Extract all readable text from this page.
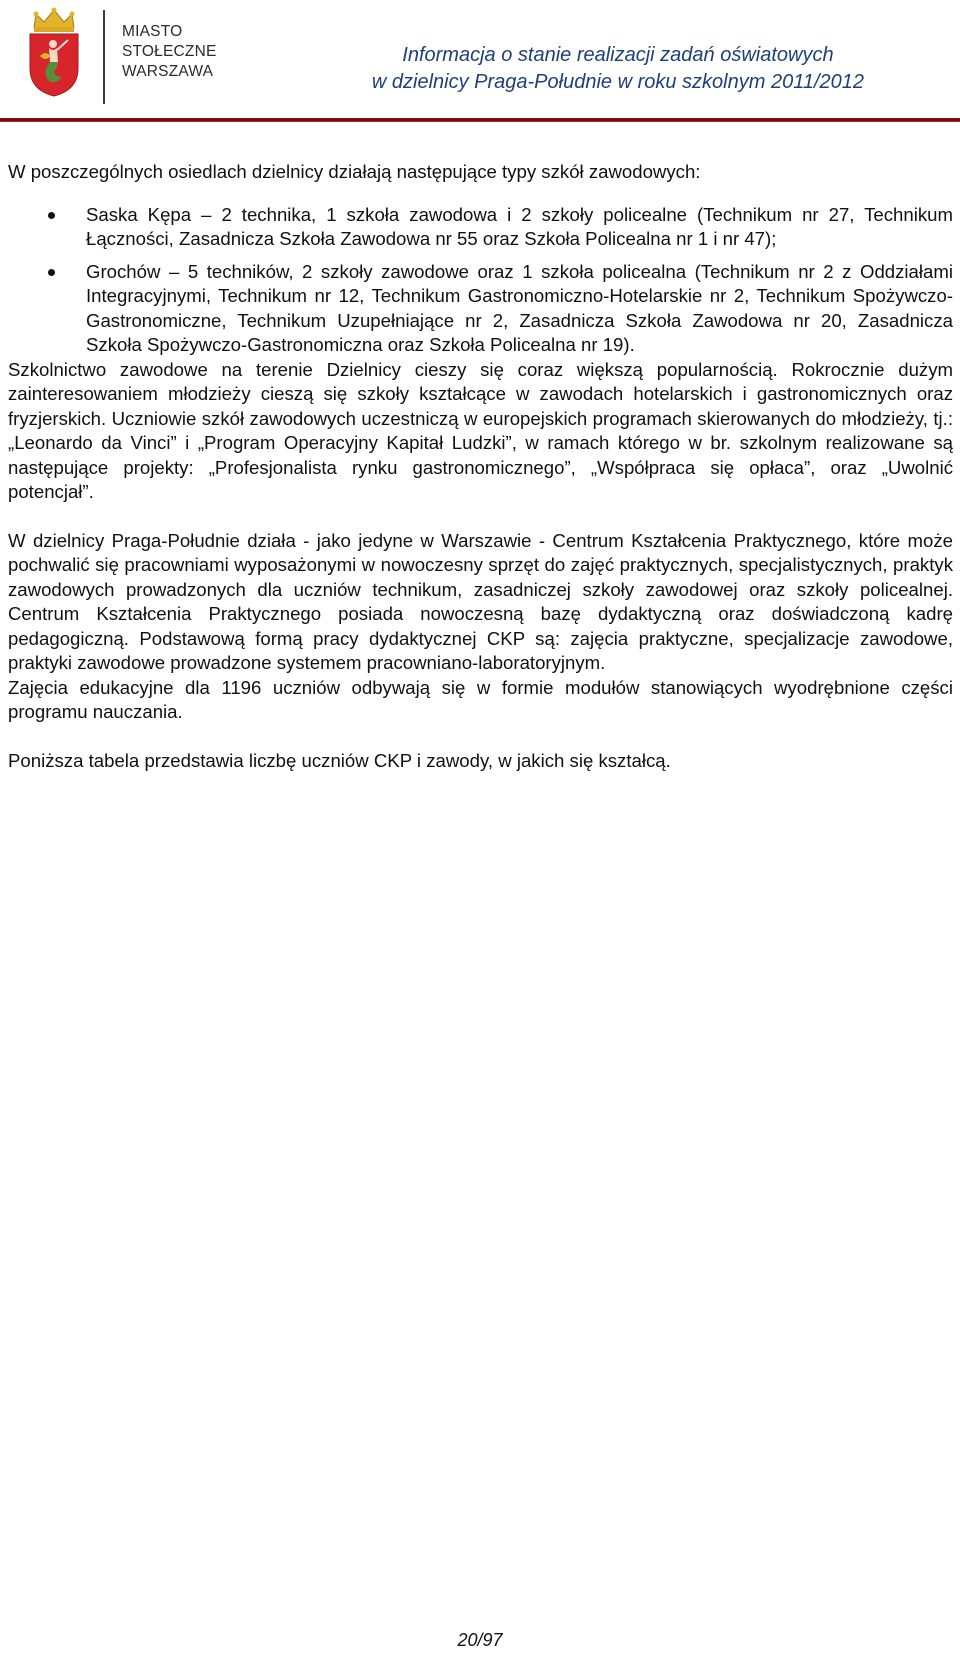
MIASTO
STOŁECZNE
WARSZAWA
Informacja o stanie realizacji zadań oświatowych
w dzielnicy Praga-Południe w roku szkolnym 2011/2012

W poszczególnych osiedlach dzielnicy działają następujące typy szkół zawodowych:

Saska Kępa – 2 technika, 1 szkoła zawodowa i 2 szkoły policealne (Technikum nr 27, Technikum Łączności, Zasadnicza Szkoła Zawodowa nr 55 oraz Szkoła Policealna nr 1 i nr 47);
Grochów – 5 techników, 2 szkoły zawodowe oraz 1 szkoła policealna (Technikum nr 2 z Oddziałami Integracyjnymi, Technikum nr 12, Technikum Gastronomiczno-Hotelarskie nr 2, Technikum Spożywczo-Gastronomiczne, Technikum Uzupełniające nr 2, Zasadnicza Szkoła Zawodowa nr 20, Zasadnicza Szkoła Spożywczo-Gastronomiczna oraz Szkoła Policealna nr 19).

Szkolnictwo zawodowe na terenie Dzielnicy cieszy się coraz większą popularnością. Rokrocznie dużym zainteresowaniem młodzieży cieszą się szkoły kształcące w zawodach hotelarskich i gastronomicznych oraz fryzjerskich. Uczniowie szkół zawodowych uczestniczą w europejskich programach skierowanych do młodzieży, tj.: „Leonardo da Vinci” i „Program Operacyjny Kapitał Ludzki”, w ramach którego w br. szkolnym realizowane są następujące projekty: „Profesjonalista rynku gastronomicznego”, „Współpraca się opłaca”, oraz „Uwolnić potencjał”.

W dzielnicy Praga-Południe działa - jako jedyne w Warszawie - Centrum Kształcenia Praktycznego, które może pochwalić się pracowniami wyposażonymi w nowoczesny sprzęt do zajęć praktycznych, specjalistycznych, praktyk zawodowych prowadzonych dla uczniów technikum, zasadniczej szkoły zawodowej oraz szkoły policealnej. Centrum Kształcenia Praktycznego posiada nowoczesną bazę dydaktyczną oraz doświadczoną kadrę pedagogiczną. Podstawową formą pracy dydaktycznej CKP są: zajęcia praktyczne, specjalizacje zawodowe, praktyki zawodowe prowadzone systemem pracowniano-laboratoryjnym.

Zajęcia edukacyjne dla 1196 uczniów odbywają się w formie modułów stanowiących wyodrębnione części programu nauczania.

Poniższa tabela przedstawia liczbę uczniów CKP i zawody, w jakich się kształcą.

20/97
